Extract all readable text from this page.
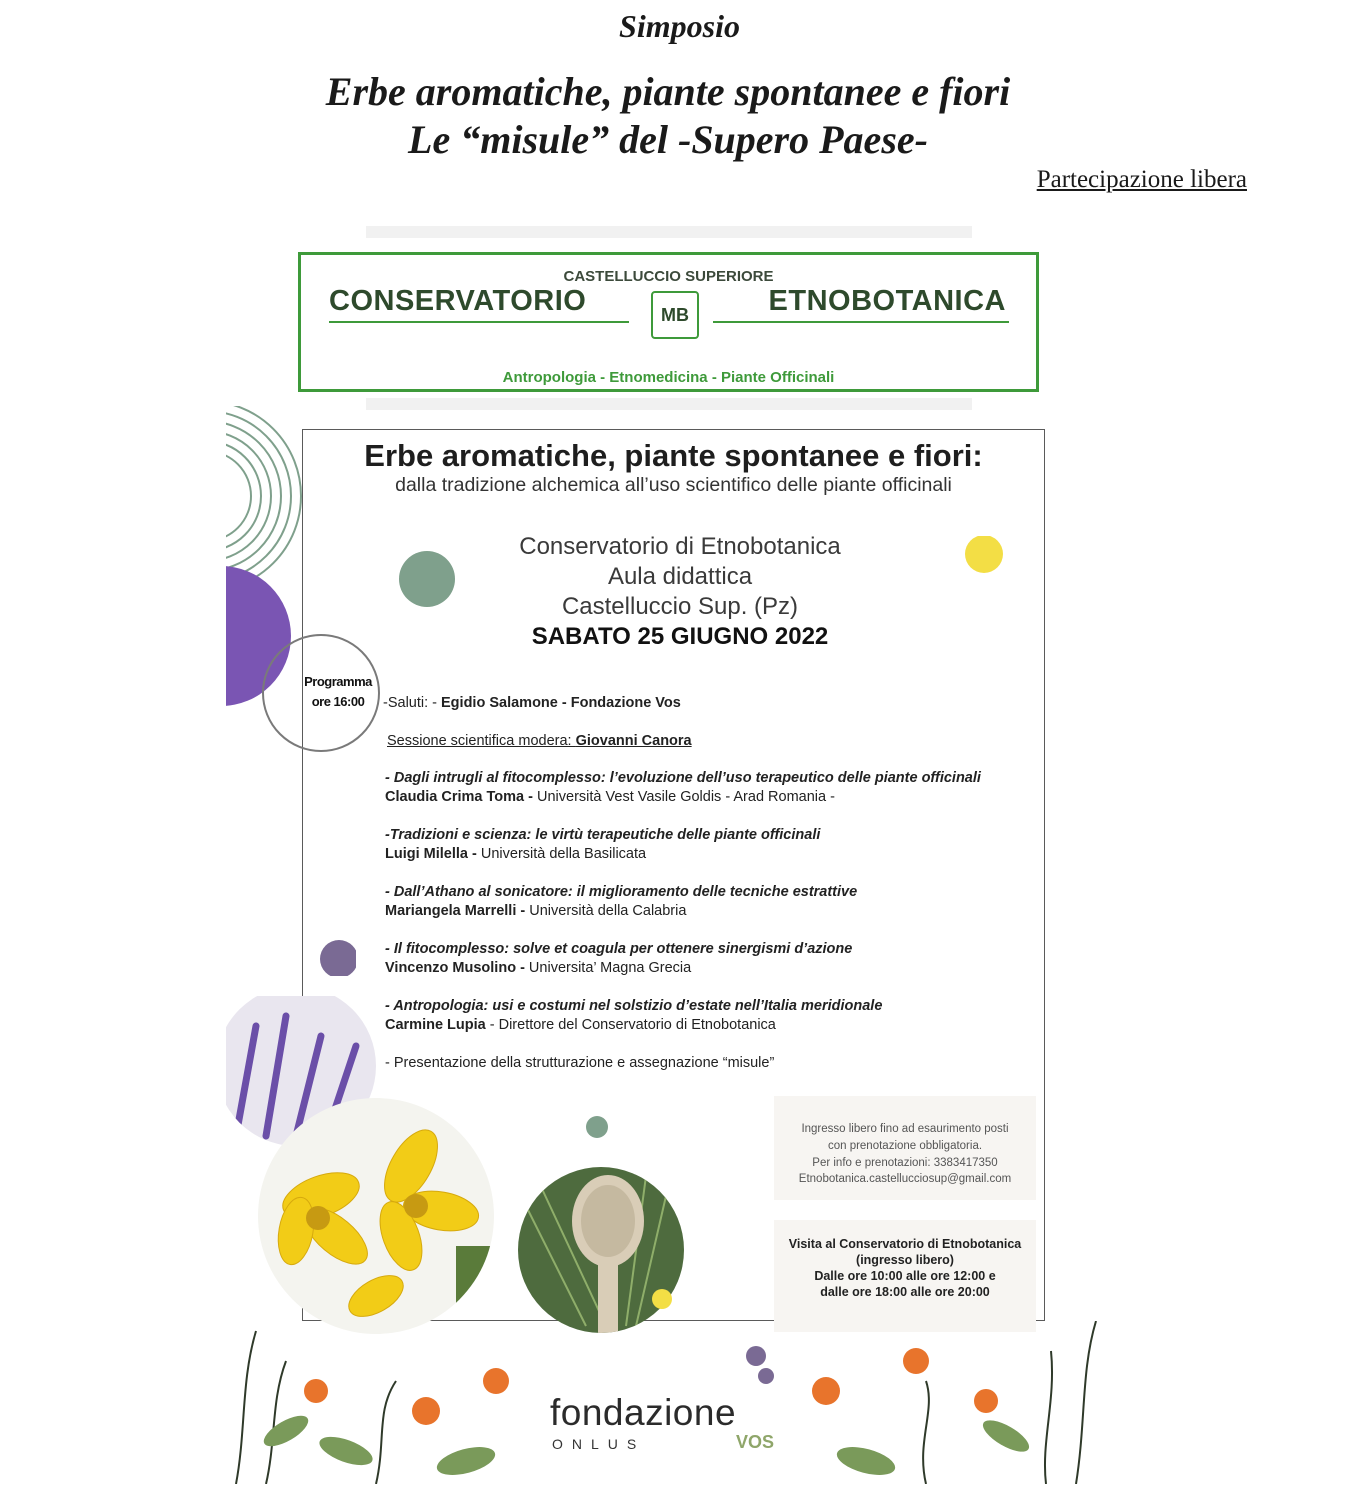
Simposio
Erbe aromatiche, piante spontanee e fiori
Le “misule” del -Supero Paese-
Partecipazione libera
CASTELLUCCIO SUPERIORE
CONSERVATORIO	ETNOBOTANICA
MB
Antropologia - Etnomedicina - Piante Officinali
Erbe aromatiche, piante spontanee e fiori:
dalla tradizione alchemica all’uso scientifico delle piante officinali
Conservatorio di Etnobotanica
Aula didattica
Castelluccio Sup. (Pz)
SABATO 25 GIUGNO 2022
-Saluti: - Egidio Salamone - Fondazione Vos
Sessione scientifica modera: Giovanni Canora
- Dagli intrugli al fitocomplesso: l’evoluzione dell’uso terapeutico delle piante officinali
Claudia Crima Toma - Università Vest Vasile Goldis - Arad Romania -
-Tradizioni e scienza: le virtù terapeutiche delle piante officinali
Luigi Milella - Università della Basilicata
- Dall’Athano al sonicatore: il miglioramento delle tecniche estrattive
Mariangela Marrelli - Università della Calabria
- Il fitocomplesso: solve et coagula per ottenere sinergismi d’azione
Vincenzo Musolino - Universita’ Magna Grecia
- Antropologia: usi e costumi nel solstizio d’estate nell’Italia meridionale
Carmine Lupia - Direttore del Conservatorio di Etnobotanica
- Presentazione della strutturazione e assegnazione “misule”
Programma
ore 16:00
Ingresso libero fino ad esaurimento posti
con prenotazione obbligatoria.
Per info e prenotazioni: 3383417350
Etnobotanica.castellucciosup@gmail.com
Visita al Conservatorio di Etnobotanica
(ingresso libero)
Dalle ore 10:00 alle ore 12:00 e
dalle ore 18:00 alle ore 20:00
fondazione
ONLUS	VOS
